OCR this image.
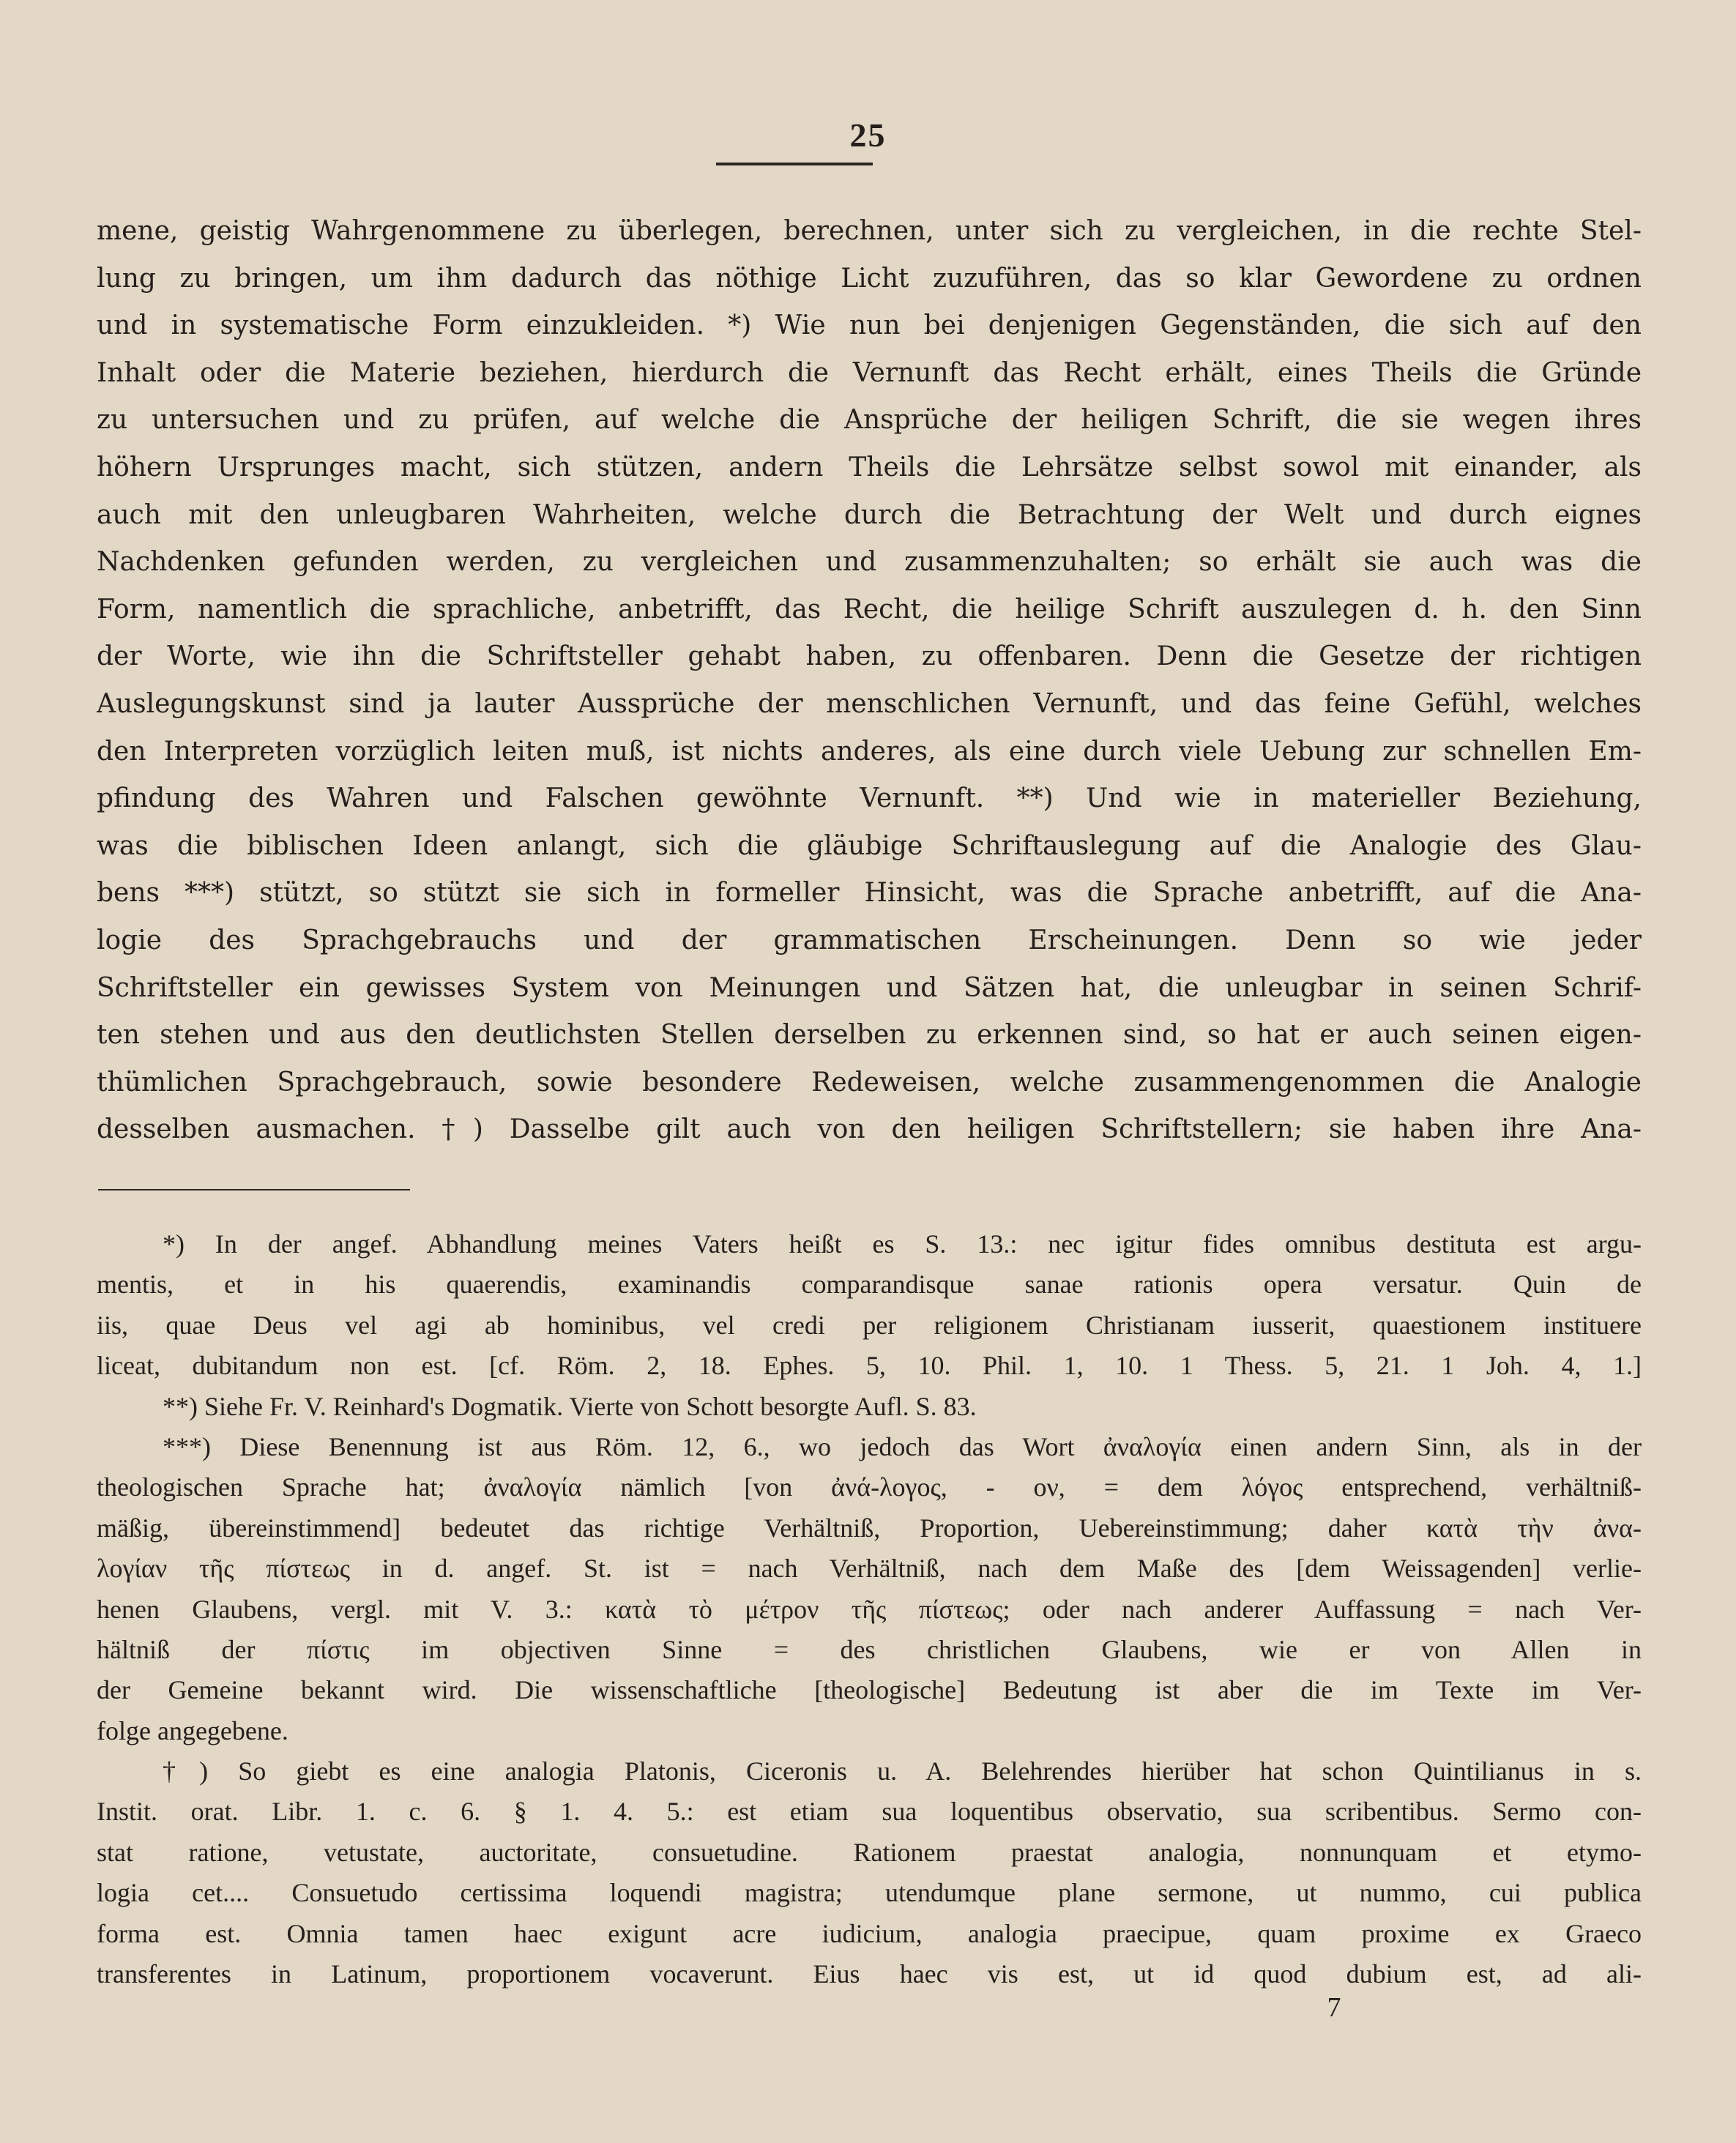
25
mene, geistig Wahrgenommene zu überlegen, berechnen, unter sich zu vergleichen, in die rechte Stel-
lung zu bringen, um ihm dadurch das nöthige Licht zuzuführen, das so klar Gewordene zu ordnen
und in systematische Form einzukleiden. *) Wie nun bei denjenigen Gegenständen, die sich auf den
Inhalt oder die Materie beziehen, hierdurch die Vernunft das Recht erhält, eines Theils die Gründe
zu untersuchen und zu prüfen, auf welche die Ansprüche der heiligen Schrift, die sie wegen ihres
höhern Ursprunges macht, sich stützen, andern Theils die Lehrsätze selbst sowol mit einander, als
auch mit den unleugbaren Wahrheiten, welche durch die Betrachtung der Welt und durch eignes
Nachdenken gefunden werden, zu vergleichen und zusammenzuhalten; so erhält sie auch was die
Form, namentlich die sprachliche, anbetrifft, das Recht, die heilige Schrift auszulegen d. h. den Sinn
der Worte, wie ihn die Schriftsteller gehabt haben, zu offenbaren. Denn die Gesetze der richtigen
Auslegungskunst sind ja lauter Aussprüche der menschlichen Vernunft, und das feine Gefühl, welches
den Interpreten vorzüglich leiten muß, ist nichts anderes, als eine durch viele Uebung zur schnellen Em-
pfindung des Wahren und Falschen gewöhnte Vernunft. **) Und wie in materieller Beziehung,
was die biblischen Ideen anlangt, sich die gläubige Schriftauslegung auf die Analogie des Glau-
bens ***) stützt, so stützt sie sich in formeller Hinsicht, was die Sprache anbetrifft, auf die Ana-
logie des Sprachgebrauchs und der grammatischen Erscheinungen. Denn so wie jeder
Schriftsteller ein gewisses System von Meinungen und Sätzen hat, die unleugbar in seinen Schrif-
ten stehen und aus den deutlichsten Stellen derselben zu erkennen sind, so hat er auch seinen eigen-
thümlichen Sprachgebrauch, sowie besondere Redeweisen, welche zusammengenommen die Analogie
desselben ausmachen. †) Dasselbe gilt auch von den heiligen Schriftstellern; sie haben ihre Ana-
*) In der angef. Abhandlung meines Vaters heißt es S. 13.: nec igitur fides omnibus destituta est argu-
mentis, et in his quaerendis, examinandis comparandisque sanae rationis opera versatur. Quin de
iis, quae Deus vel agi ab hominibus, vel credi per religionem Christianam iusserit, quaestionem instituere
liceat, dubitandum non est. [cf. Röm. 2, 18. Ephes. 5, 10. Phil. 1, 10. 1 Thess. 5, 21. 1 Joh. 4, 1.]
**) Siehe Fr. V. Reinhard's Dogmatik. Vierte von Schott besorgte Aufl. S. 83.
***) Diese Benennung ist aus Röm. 12, 6., wo jedoch das Wort ἀναλογία einen andern Sinn, als in der
theologischen Sprache hat; ἀναλογία nämlich [von ἀνά-λογος, - ον, = dem λόγος entsprechend, verhältniß-
mäßig, übereinstimmend] bedeutet das richtige Verhältniß, Proportion, Uebereinstimmung; daher κατὰ τὴν ἀνα-
λογίαν τῆς πίστεως in d. angef. St. ist = nach Verhältniß, nach dem Maße des [dem Weissagenden] verlie-
henen Glaubens, vergl. mit V. 3.: κατὰ τὸ μέτρον τῆς πίστεως; oder nach anderer Auffassung = nach Ver-
hältniß der πίστις im objectiven Sinne = des christlichen Glaubens, wie er von Allen in
der Gemeine bekannt wird. Die wissenschaftliche [theologische] Bedeutung ist aber die im Texte im Ver-
folge angegebene.
†) So giebt es eine analogia Platonis, Ciceronis u. A. Belehrendes hierüber hat schon Quintilianus in s.
Instit. orat. Libr. 1. c. 6. § 1. 4. 5.: est etiam sua loquentibus observatio, sua scribentibus. Sermo con-
stat ratione, vetustate, auctoritate, consuetudine. Rationem praestat analogia, nonnunquam et etymo-
logia cet.... Consuetudo certissima loquendi magistra; utendumque plane sermone, ut nummo, cui publica
forma est. Omnia tamen haec exigunt acre iudicium, analogia praecipue, quam proxime ex Graeco
transferentes in Latinum, proportionem vocaverunt. Eius haec vis est, ut id quod dubium est, ad ali-
7
